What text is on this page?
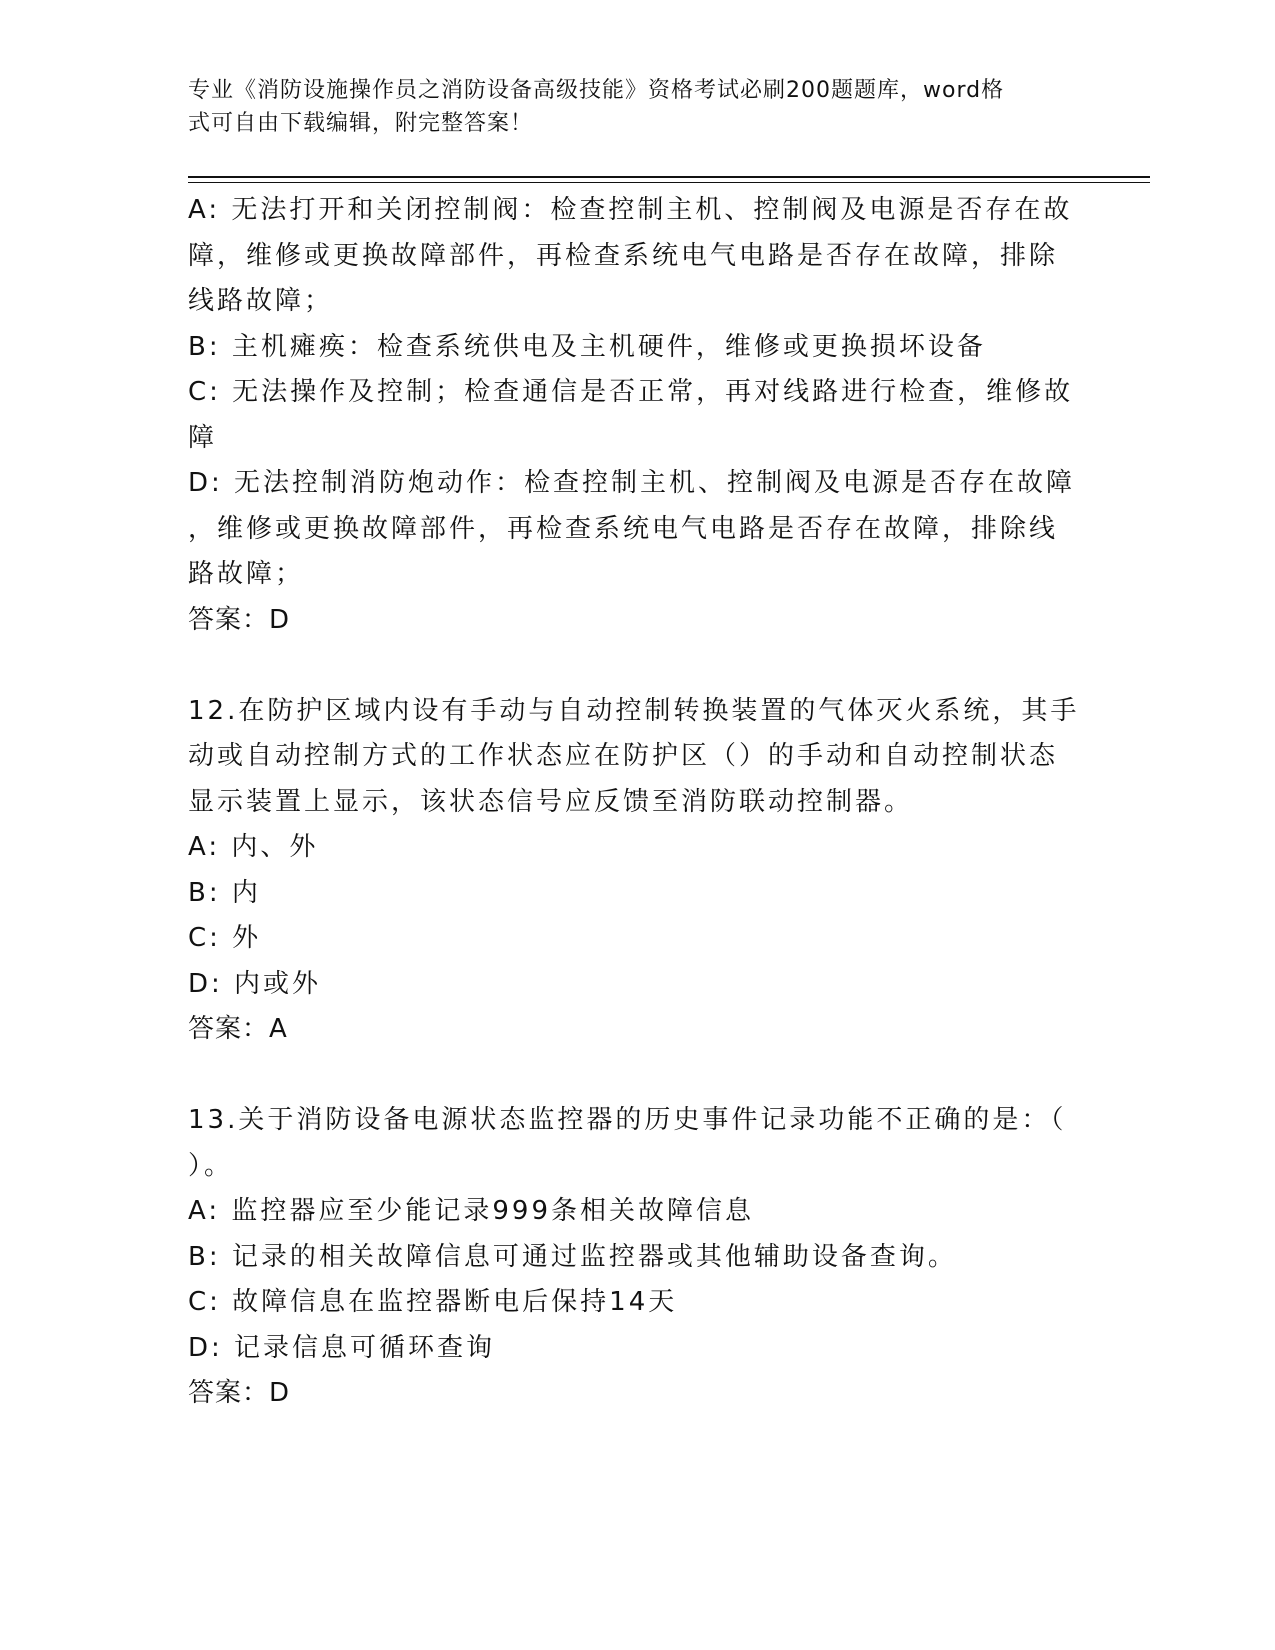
专业《消防设施操作员之消防设备高级技能》资格考试必刷200题题库，word格
式可自由下载编辑，附完整答案！
A: 无法打开和关闭控制阀：检查控制主机、控制阀及电源是否存在故
障，维修或更换故障部件，再检查系统电气电路是否存在故障，排除
线路故障；
B: 主机瘫痪：检查系统供电及主机硬件，维修或更换损坏设备
C: 无法操作及控制；检查通信是否正常，再对线路进行检查，维修故
障
D: 无法控制消防炮动作：检查控制主机、控制阀及电源是否存在故障
，维修或更换故障部件，再检查系统电气电路是否存在故障，排除线
路故障；
答案：D
12.在防护区域内设有手动与自动控制转换装置的气体灭火系统，其手
动或自动控制方式的工作状态应在防护区（）的手动和自动控制状态
显示装置上显示，该状态信号应反馈至消防联动控制器。
A: 内、外
B: 内
C: 外
D: 内或外
答案：A
13.关于消防设备电源状态监控器的历史事件记录功能不正确的是：（
）。
A: 监控器应至少能记录999条相关故障信息
B: 记录的相关故障信息可通过监控器或其他辅助设备查询。
C: 故障信息在监控器断电后保持14天
D: 记录信息可循环查询
答案：D
